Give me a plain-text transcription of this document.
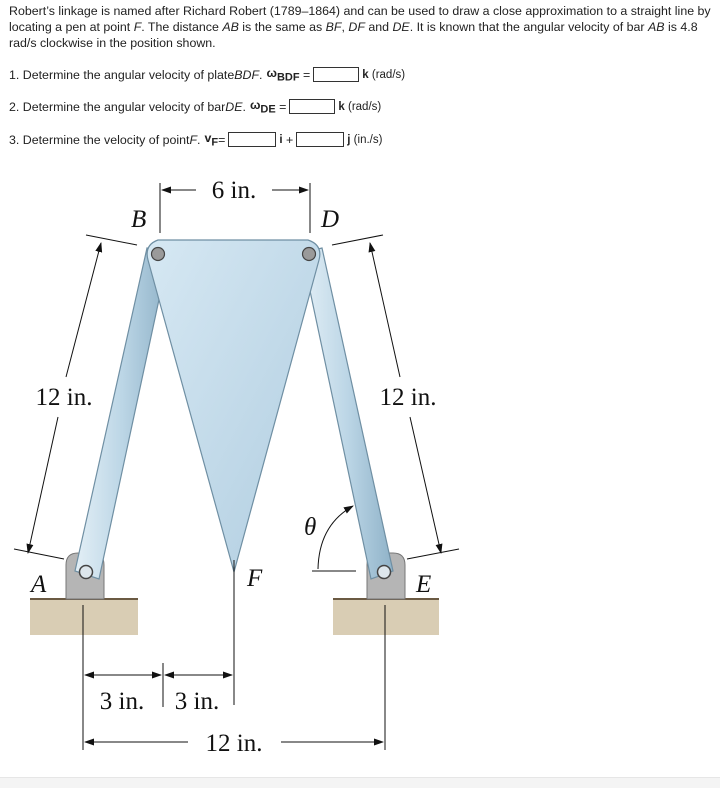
Robert’s linkage is named after Richard Robert (1789–1864) and can be used to draw a close approximation to a straight line by locating a pen at point F. The distance AB is the same as BF, DF and DE. It is known that the angular velocity of bar AB is 4.8 rad/s clockwise in the position shown.
1. Determine the angular velocity of plate BDF . $\omega_{BDF}$
=	k (rad/s)
2. Determine the angular velocity of bar DE . $\omega_{DE}$
=	k (rad/s)
3. Determine the velocity of point F . $v_F$ =	i
+	j (in./s)
6 in.
B	D
A	E
F
θ
12 in.	12 in.
3 in. 3 in.
12 in.
